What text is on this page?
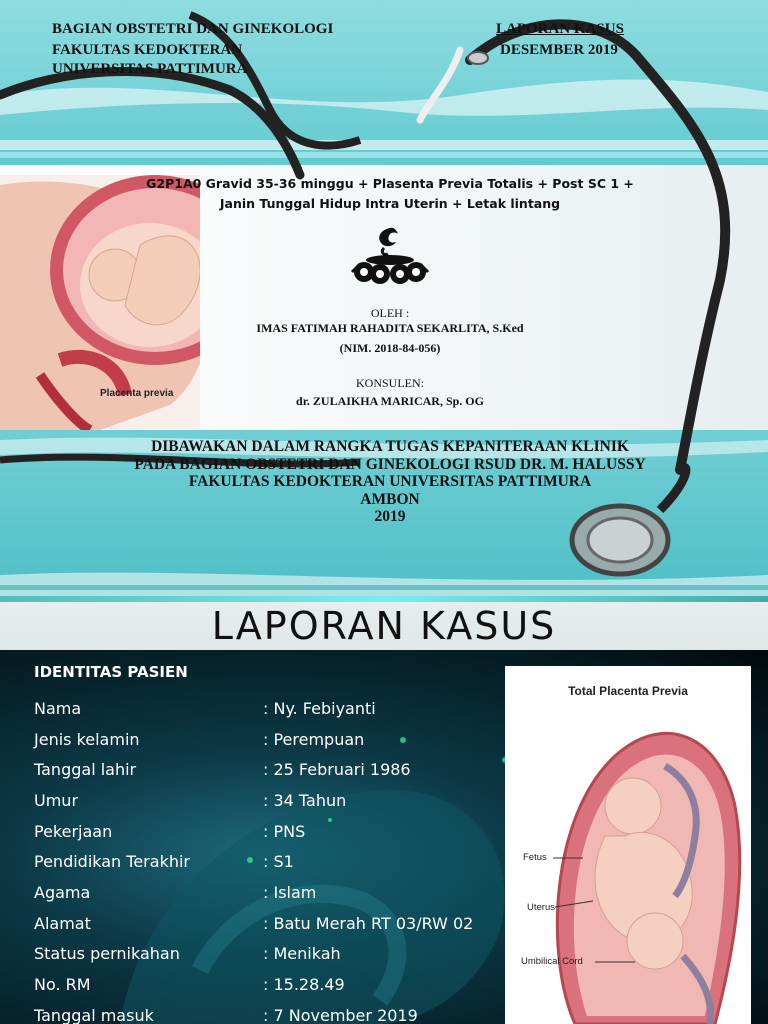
Placenta previa
BAGIAN OBSTETRI DAN GINEKOLOGI
FAKULTAS KEDOKTERAN
UNIVERSITAS PATTIMURA
LAPORAN KASUS
DESEMBER 2019
G2P1A0 Gravid 35-36 minggu + Plasenta Previa Totalis + Post SC 1 +
Janin Tunggal Hidup Intra Uterin + Letak lintang
OLEH :
IMAS FATIMAH RAHADITA SEKARLITA, S.Ked
(NIM. 2018-84-056)
KONSULEN:
dr. ZULAIKHA MARICAR, Sp. OG
DIBAWAKAN DALAM RANGKA TUGAS KEPANITERAAN KLINIK
PADA BAGIAN OBSTETRI DAN GINEKOLOGI RSUD DR. M. HALUSSY
FAKULTAS KEDOKTERAN UNIVERSITAS PATTIMURA
AMBON
2019
LAPORAN KASUS
IDENTITAS PASIEN
Nama	: Ny. Febiyanti
Jenis kelamin	: Perempuan
Tanggal lahir	: 25 Februari 1986
Umur	: 34 Tahun
Pekerjaan	: PNS
Pendidikan Terakhir	: S1
Agama	: Islam
Alamat	: Batu Merah RT 03/RW 02
Status pernikahan	: Menikah
No. RM	: 15.28.49
Tanggal masuk	: 7 November 2019
Total Placenta Previa
Fetus
Uterus
Umbilical Cord
